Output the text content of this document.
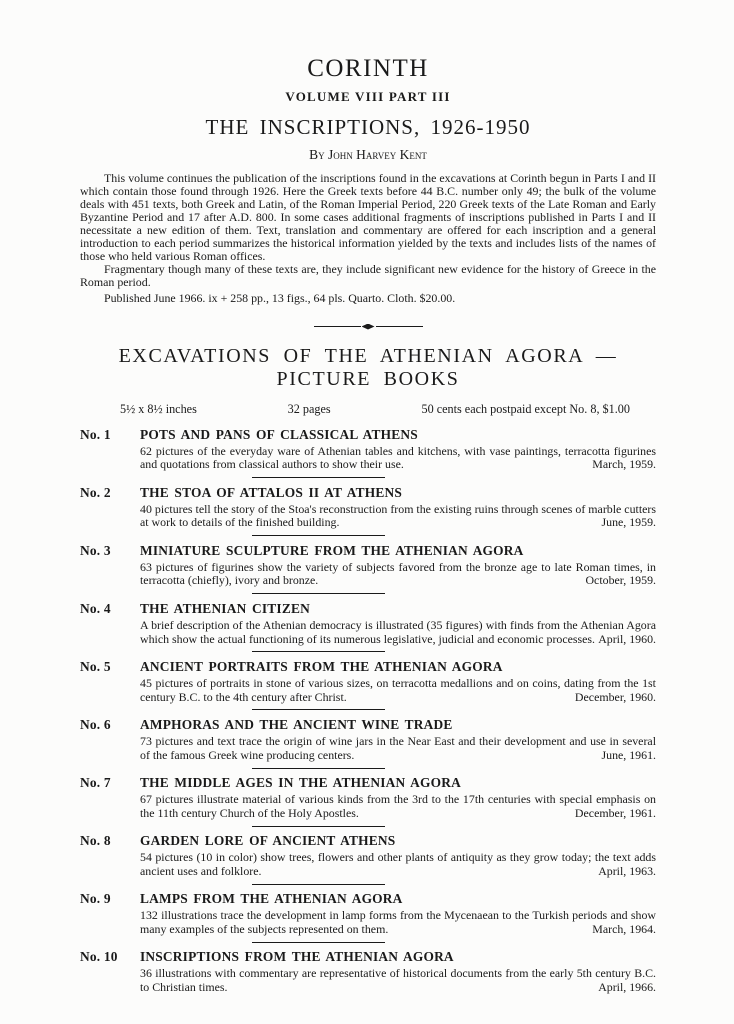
CORINTH
VOLUME VIII PART III
THE INSCRIPTIONS, 1926-1950
By John Harvey Kent

This volume continues the publication of the inscriptions found in the excavations at Corinth begun in Parts I and II which contain those found through 1926. Here the Greek texts before 44 B.C. number only 49; the bulk of the volume deals with 451 texts, both Greek and Latin, of the Roman Imperial Period, 220 Greek texts of the Late Roman and Early Byzantine Period and 17 after A.D. 800. In some cases additional fragments of inscriptions published in Parts I and II necessitate a new edition of them. Text, translation and commentary are offered for each inscription and a general introduction to each period summarizes the historical information yielded by the texts and includes lists of the names of those who held various Roman offices.

Fragmentary though many of these texts are, they include significant new evidence for the history of Greece in the Roman period.

Published June 1966. ix + 258 pp., 13 figs., 64 pls. Quarto. Cloth. $20.00.
EXCAVATIONS OF THE ATHENIAN AGORA — PICTURE BOOKS
5½ x 8½ inches	32 pages	50 cents each postpaid except No. 8, $1.00
No. 1	POTS AND PANS OF CLASSICAL ATHENS

62 pictures of the everyday ware of Athenian tables and kitchens, with vase paintings, terracotta figurines and quotations from classical authors to show their use.	March, 1959.

No. 2	THE STOA OF ATTALOS II AT ATHENS

40 pictures tell the story of the Stoa's reconstruction from the existing ruins through scenes of marble cutters at work to details of the finished building.	June, 1959.

No. 3	MINIATURE SCULPTURE FROM THE ATHENIAN AGORA

63 pictures of figurines show the variety of subjects favored from the bronze age to late Roman times, in terracotta (chiefly), ivory and bronze.	October, 1959.

No. 4	THE ATHENIAN CITIZEN

A brief description of the Athenian democracy is illustrated (35 figures) with finds from the Athenian Agora which show the actual functioning of its numerous legislative, judicial and economic processes. April, 1960.

No. 5	ANCIENT PORTRAITS FROM THE ATHENIAN AGORA

45 pictures of portraits in stone of various sizes, on terracotta medallions and on coins, dating from the 1st century B.C. to the 4th century after Christ.	December, 1960.

No. 6	AMPHORAS AND THE ANCIENT WINE TRADE

73 pictures and text trace the origin of wine jars in the Near East and their development and use in several of the famous Greek wine producing centers.	June, 1961.

No. 7	THE MIDDLE AGES IN THE ATHENIAN AGORA

67 pictures illustrate material of various kinds from the 3rd to the 17th centuries with special emphasis on the 11th century Church of the Holy Apostles.	December, 1961.

No. 8	GARDEN LORE OF ANCIENT ATHENS

54 pictures (10 in color) show trees, flowers and other plants of antiquity as they grow today; the text adds ancient uses and folklore.	April, 1963.

No. 9	LAMPS FROM THE ATHENIAN AGORA

132 illustrations trace the development in lamp forms from the Mycenaean to the Turkish periods and show many examples of the subjects represented on them.	March, 1964.

No. 10	INSCRIPTIONS FROM THE ATHENIAN AGORA

36 illustrations with commentary are representative of historical documents from the early 5th century B.C. to Christian times.	April, 1966.
